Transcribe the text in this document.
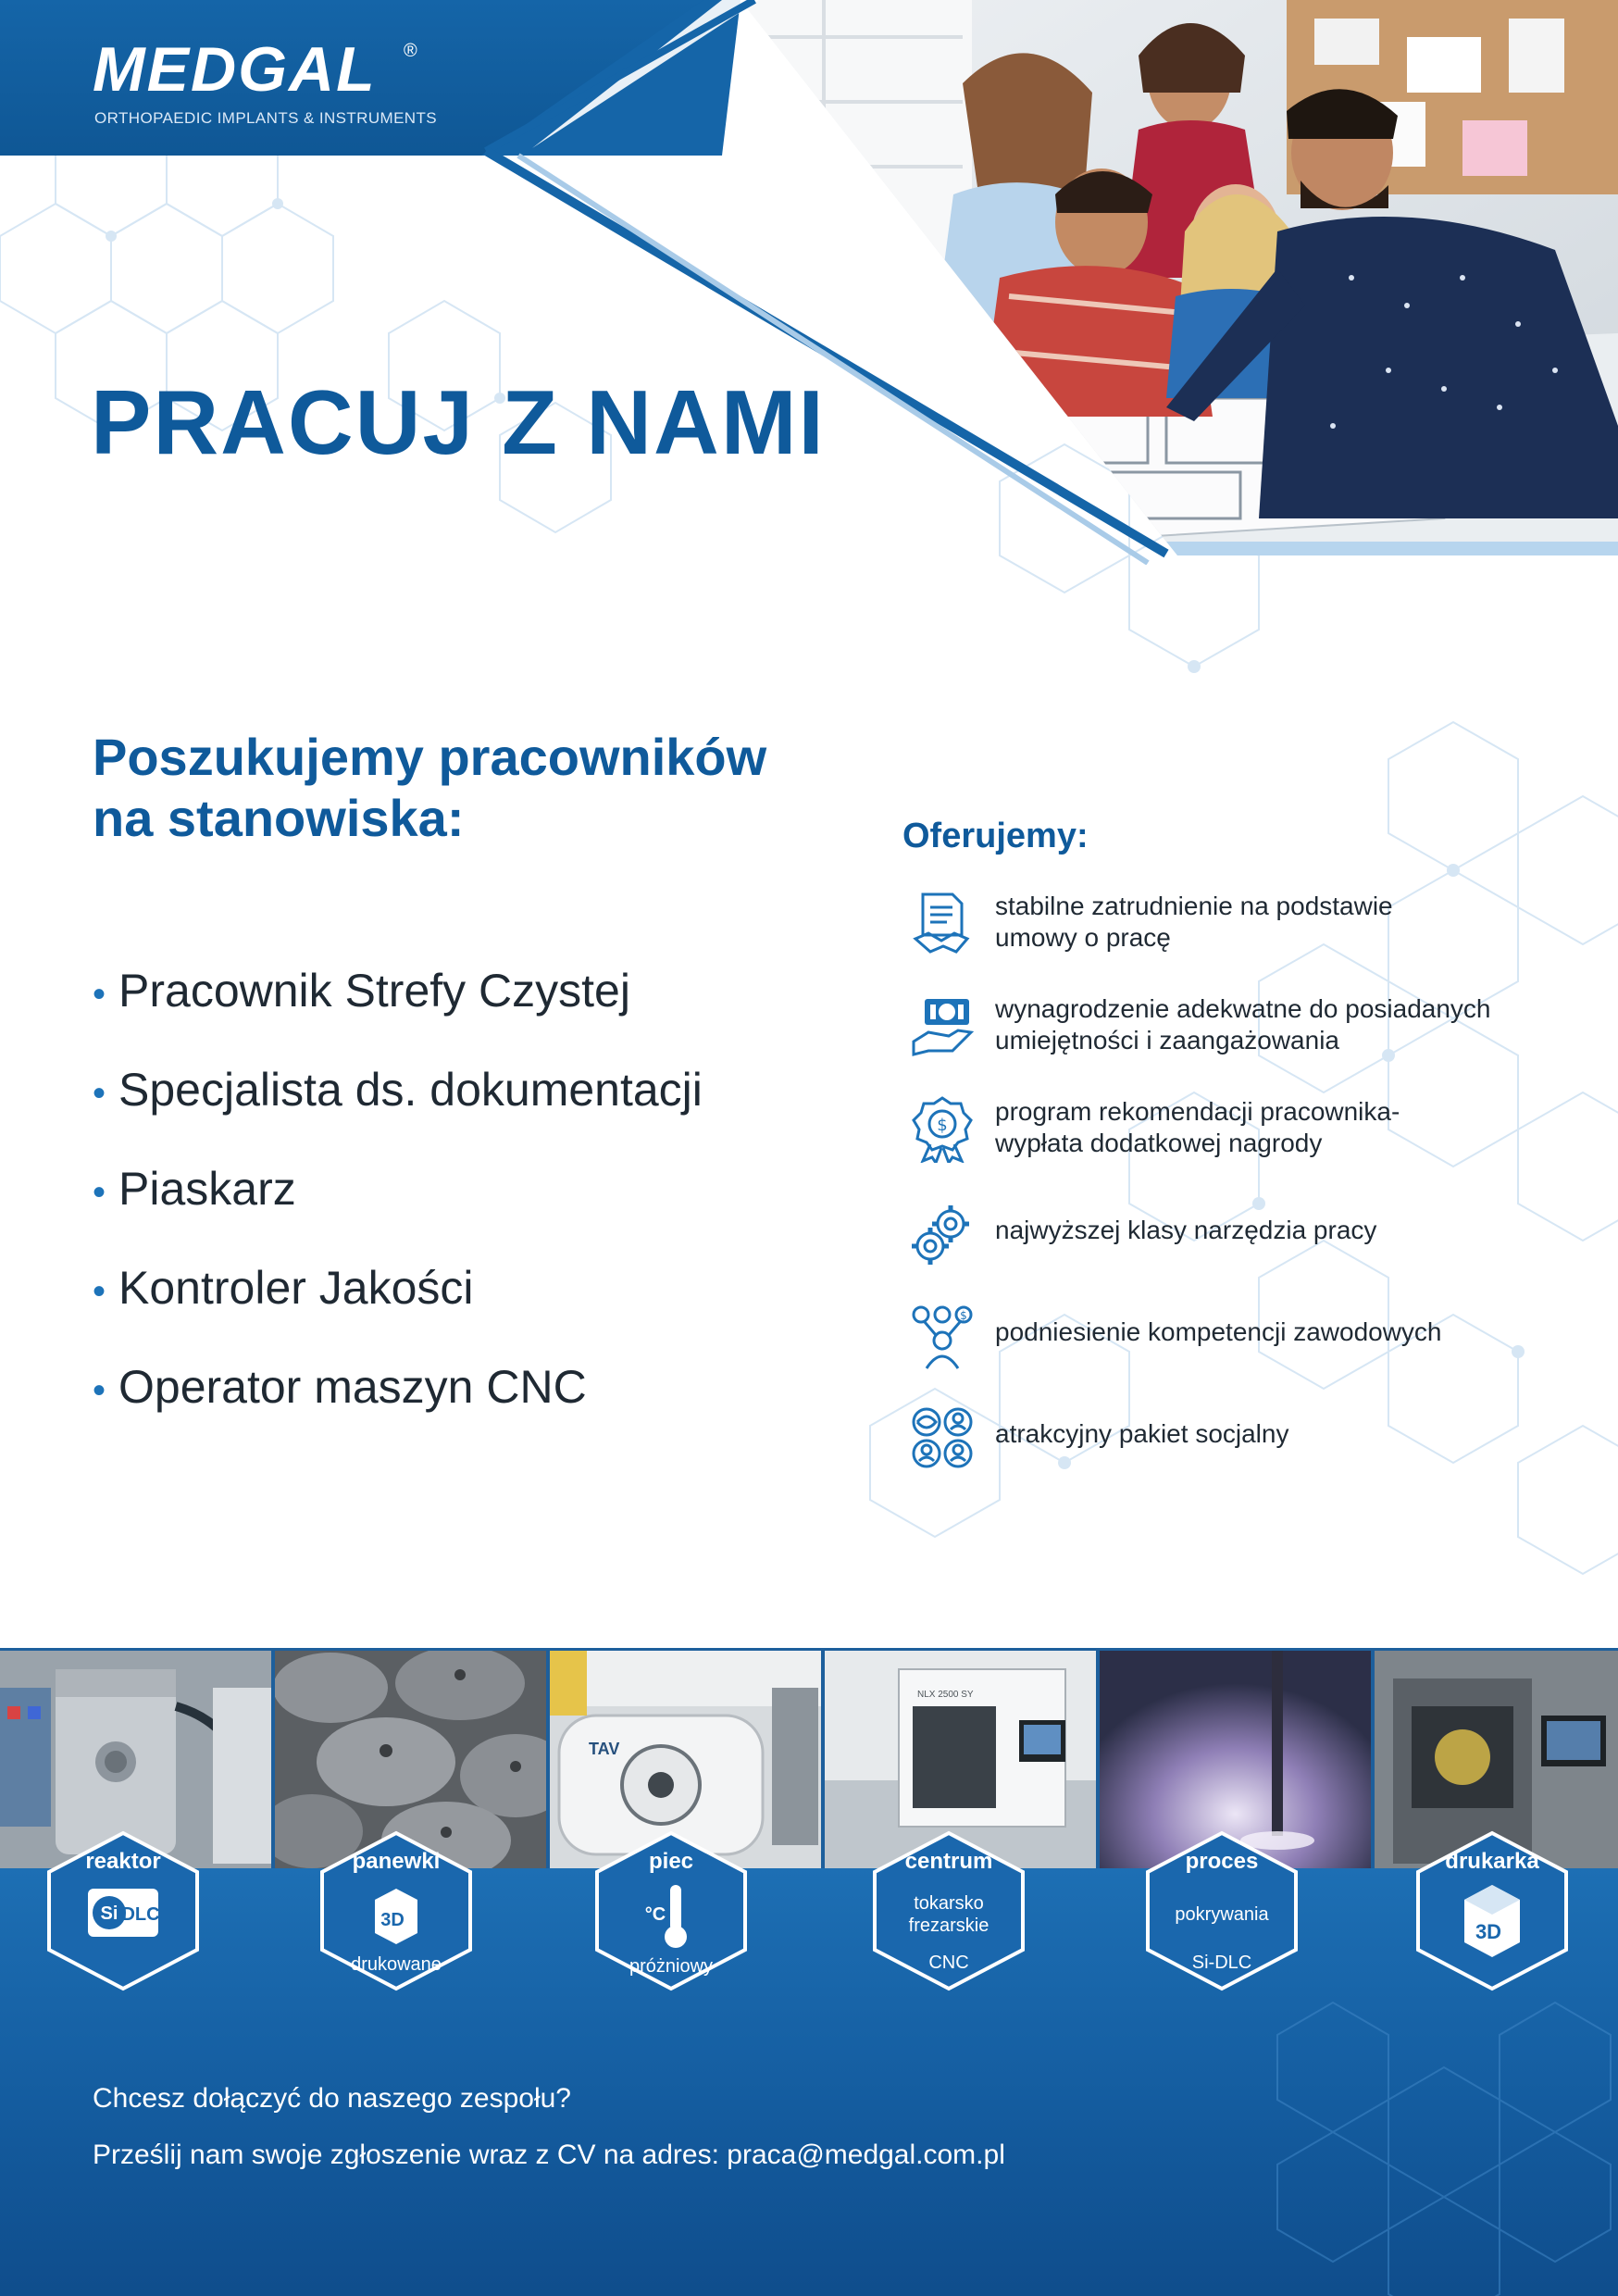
MEDGAL ®
ORTHOPAEDIC IMPLANTS & INSTRUMENTS
PRACUJ Z NAMI
Poszukujemy pracowników
na stanowiska:
• Pracownik Strefy Czystej
• Specjalista ds. dokumentacji
• Piaskarz
• Kontroler Jakości
• Operator maszyn CNC
Oferujemy:
stabilne zatrudnienie na podstawie
umowy o pracę
wynagrodzenie adekwatne do posiadanych
umiejętności i zaangażowania
$ program rekomendacji pracownika-
wypłata dodatkowej nagrody
najwyższej klasy narzędzia pracy
$
podniesienie kompetencji zawodowych
atrakcyjny pakiet socjalny
TAV
NLX 2500 SY
reaktor
Si DLC
panewki
3D
drukowane
piec
°C
próżniowy
centrum
tokarsko
frezarskie
CNC
proces
pokrywania
Si-DLC
drukarka
3D
Chcesz dołączyć do naszego zespołu?
Prześlij nam swoje zgłoszenie wraz z CV na adres: praca@medgal.com.pl
